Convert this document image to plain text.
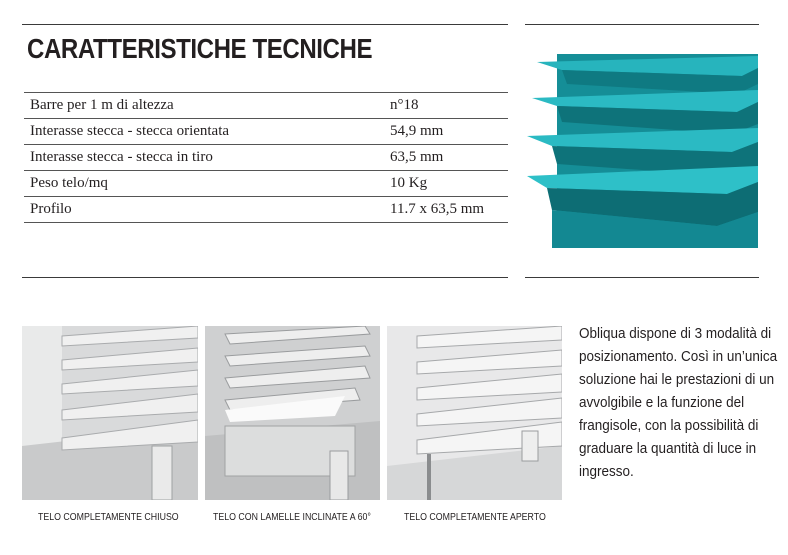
CARATTERISTICHE TECNICHE
Barre per 1 m di altezza	n°18
Interasse stecca - stecca orientata	54,9 mm
Interasse stecca - stecca in tiro	63,5 mm
Peso telo/mq	10 Kg
Profilo	11.7 x 63,5 mm
TELO COMPLETAMENTE CHIUSO	TELO CON LAMELLE INCLINATE A 60°	TELO COMPLETAMENTE APERTO

Obliqua dispone di 3 modalità di posizionamento. Così in un’unica soluzione hai le prestazioni di un avvolgibile e la funzione del frangisole, con la possibilità di graduare la quantità di luce in ingresso.
